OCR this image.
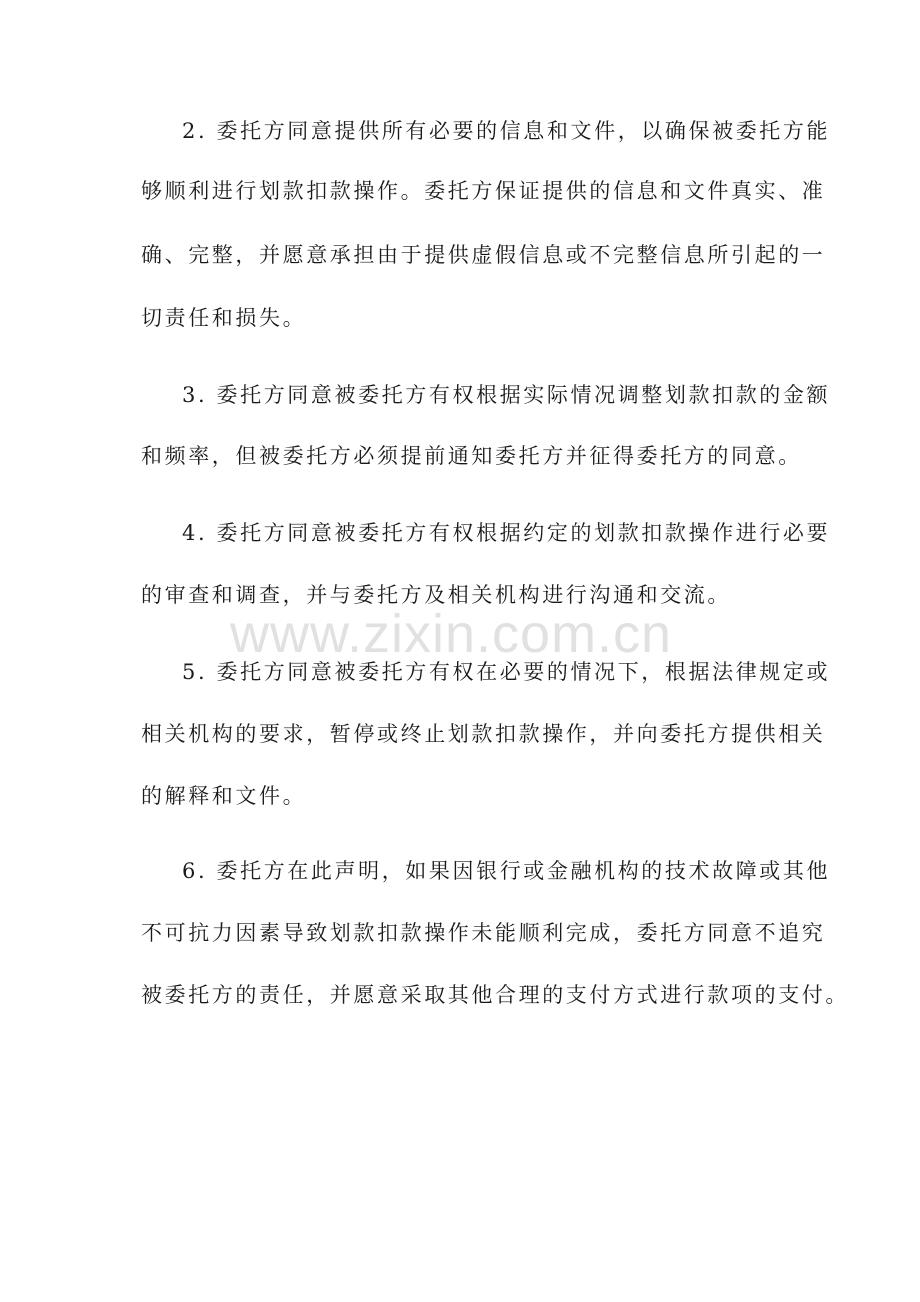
2. 委托方同意提供所有必要的信息和文件，以确保被委托方能
够顺利进行划款扣款操作。委托方保证提供的信息和文件真实、准
确、完整，并愿意承担由于提供虚假信息或不完整信息所引起的一
切责任和损失。
3. 委托方同意被委托方有权根据实际情况调整划款扣款的金额
和频率，但被委托方必须提前通知委托方并征得委托方的同意。
4. 委托方同意被委托方有权根据约定的划款扣款操作进行必要
的审查和调查，并与委托方及相关机构进行沟通和交流。
www.zixin.com.cn
5. 委托方同意被委托方有权在必要的情况下，根据法律规定或
相关机构的要求，暂停或终止划款扣款操作，并向委托方提供相关
的解释和文件。
6. 委托方在此声明，如果因银行或金融机构的技术故障或其他
不可抗力因素导致划款扣款操作未能顺利完成，委托方同意不追究
被委托方的责任，并愿意采取其他合理的支付方式进行款项的支付。
